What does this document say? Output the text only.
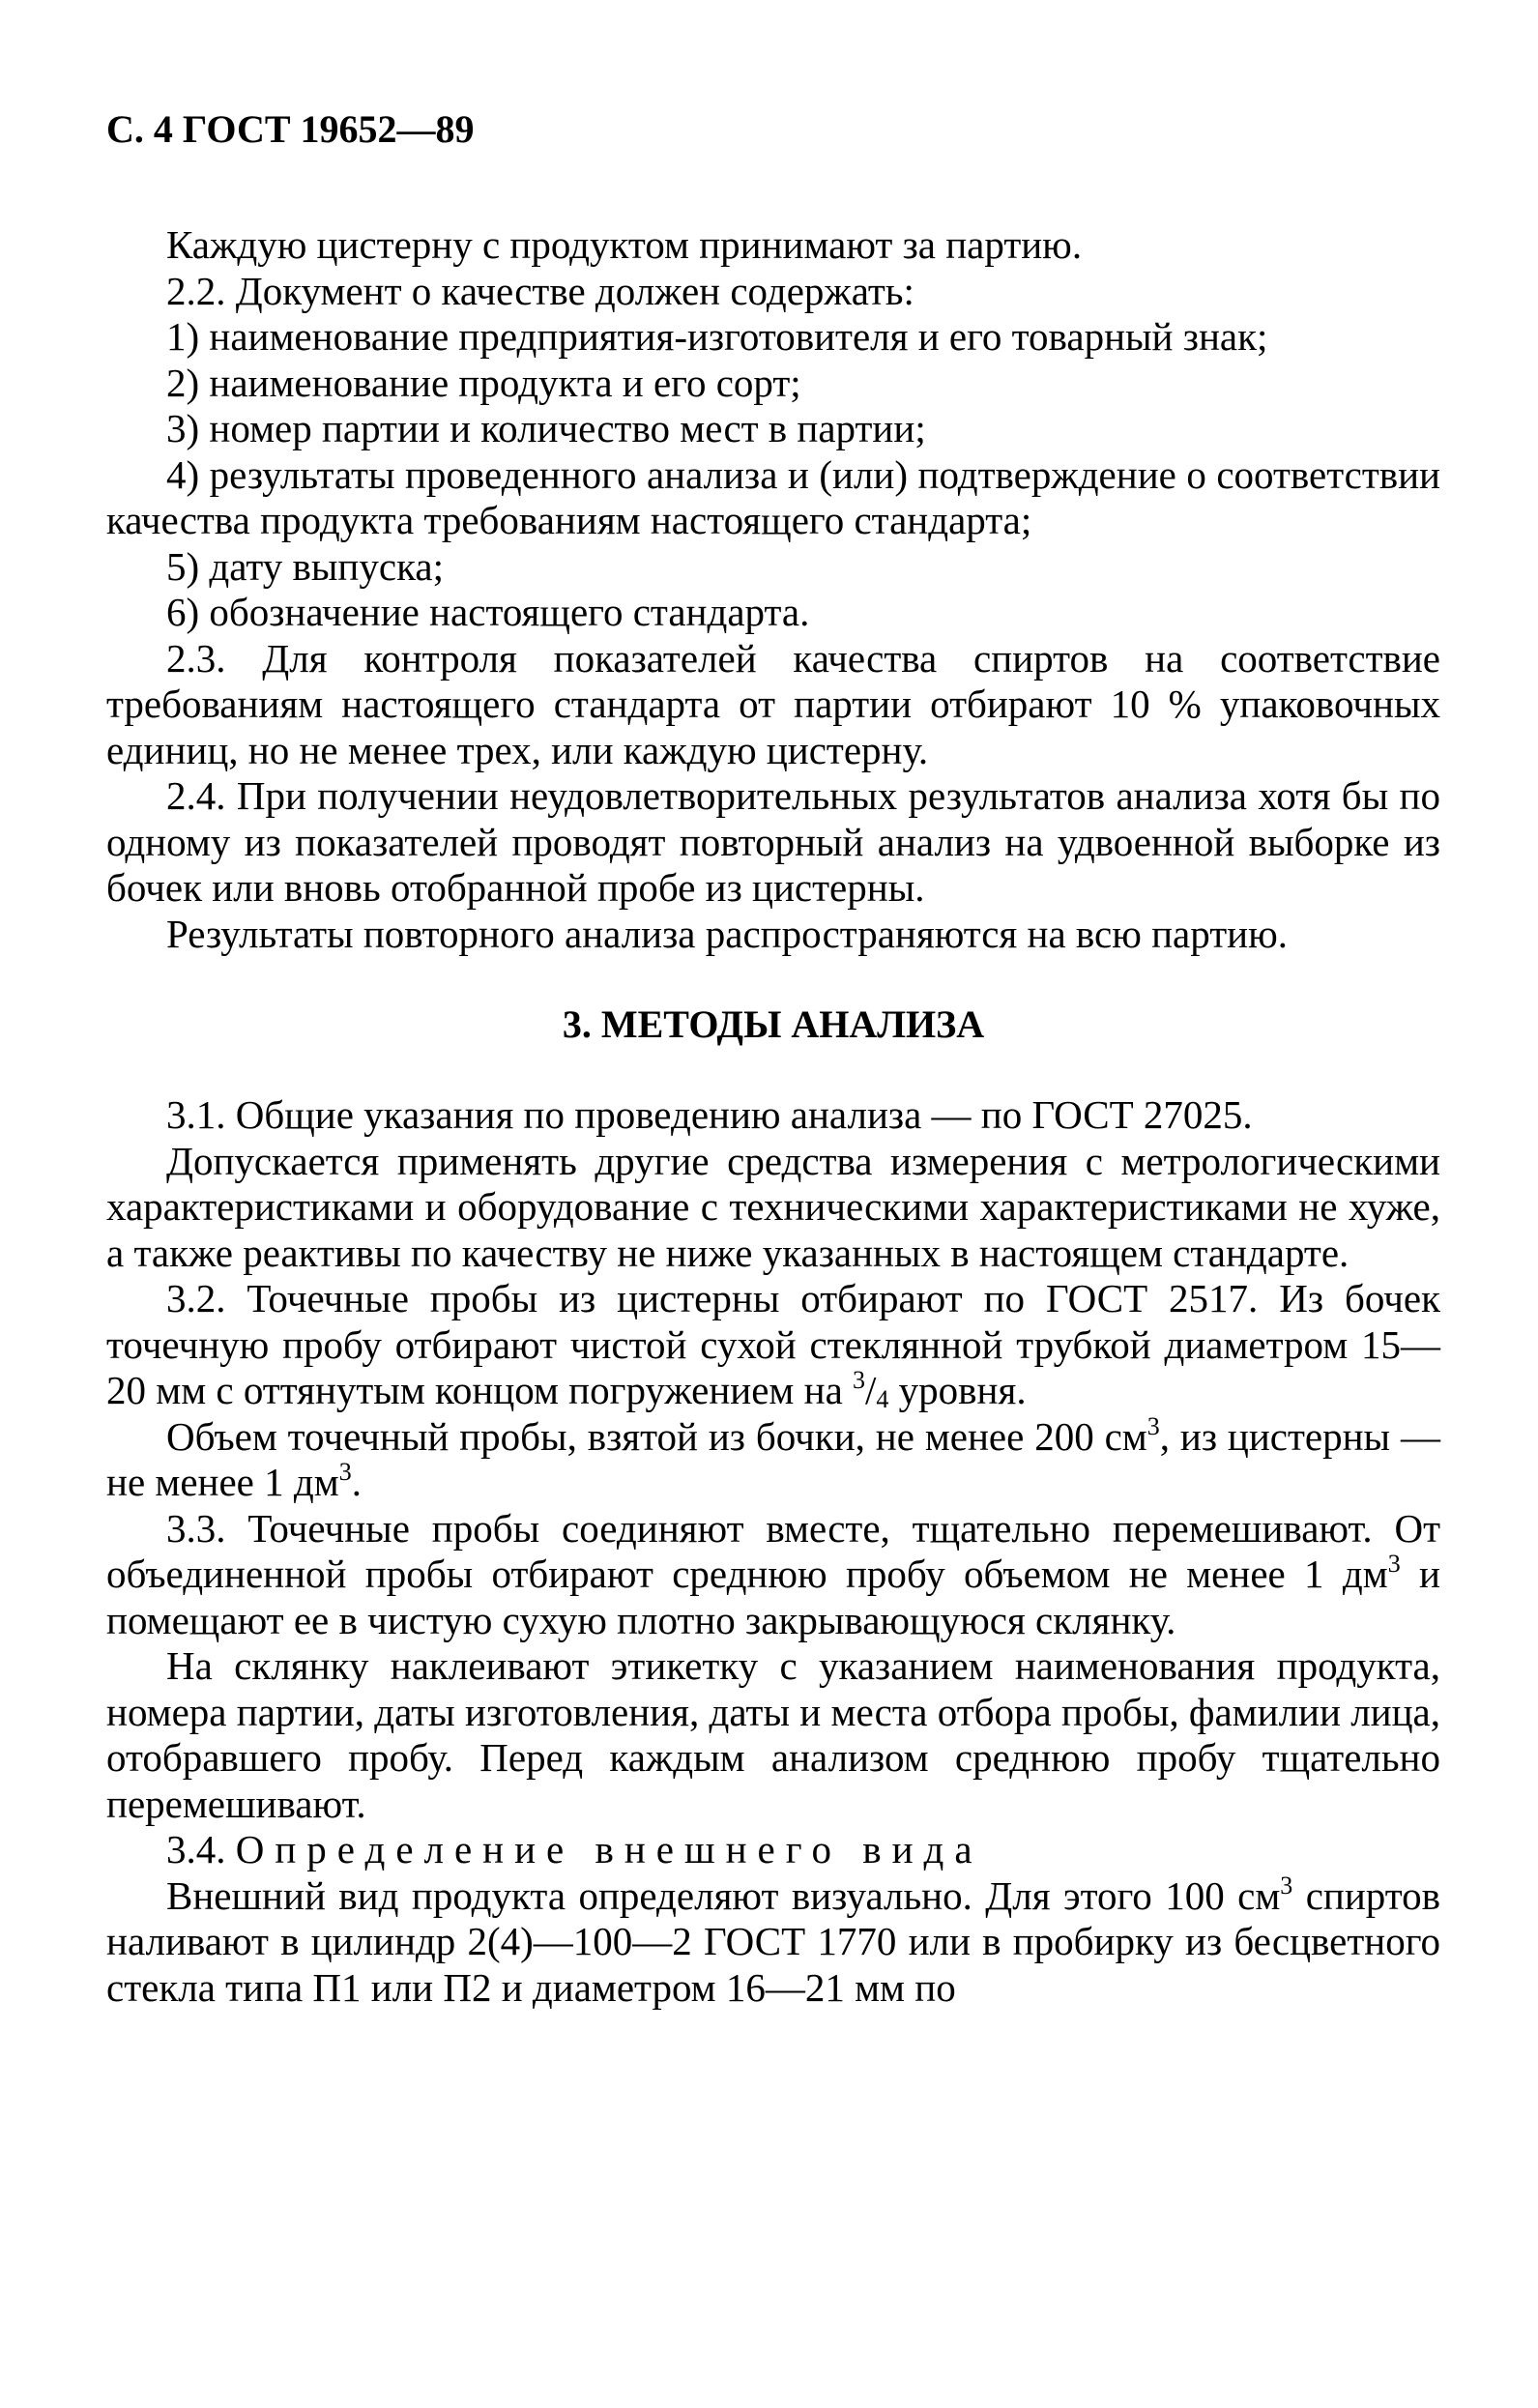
С. 4 ГОСТ 19652—89

Каждую цистерну с продуктом принимают за партию.

2.2. Документ о качестве должен содержать:

1) наименование предприятия-изготовителя и его товарный знак;

2) наименование продукта и его сорт;

3) номер партии и количество мест в партии;

4) результаты проведенного анализа и (или) подтверждение о соответствии качества продукта требованиям настоящего стандарта;

5) дату выпуска;

6) обозначение настоящего стандарта.

2.3. Для контроля показателей качества спиртов на соответствие требованиям настоящего стандарта от партии отбирают 10 % упаковочных единиц, но не менее трех, или каждую цистерну.

2.4. При получении неудовлетворительных результатов анализа хотя бы по одному из показателей проводят повторный анализ на удвоенной выборке из бочек или вновь отобранной пробе из цистерны.

Результаты повторного анализа распространяются на всю партию.

3. МЕТОДЫ АНАЛИЗА

3.1. Общие указания по проведению анализа — по ГОСТ 27025.

Допускается применять другие средства измерения с метрологическими характеристиками и оборудование с техническими характеристиками не хуже, а также реактивы по качеству не ниже указанных в настоящем стандарте.

3.2. Точечные пробы из цистерны отбирают по ГОСТ 2517. Из бочек точечную пробу отбирают чистой сухой стеклянной трубкой диаметром 15—20 мм с оттянутым концом погружением на $^3/_4$ уровня.

Объем точечный пробы, взятой из бочки, не менее 200 $см^3$, из цистерны — не менее 1 $дм^3$.

3.3. Точечные пробы соединяют вместе, тщательно перемешивают. От объединенной пробы отбирают среднюю пробу объемом не менее 1 $дм^3$ и помещают ее в чистую сухую плотно закрывающуюся склянку.

На склянку наклеивают этикетку с указанием наименования продукта, номера партии, даты изготовления, даты и места отбора пробы, фамилии лица, отобравшего пробу. Перед каждым анализом среднюю пробу тщательно перемешивают.

3.4. Определение внешнего вида

Внешний вид продукта определяют визуально. Для этого 100 $см^3$ спиртов наливают в цилиндр 2(4)—100—2 ГОСТ 1770 или в пробирку из бесцветного стекла типа П1 или П2 и диаметром 16—21 мм по
